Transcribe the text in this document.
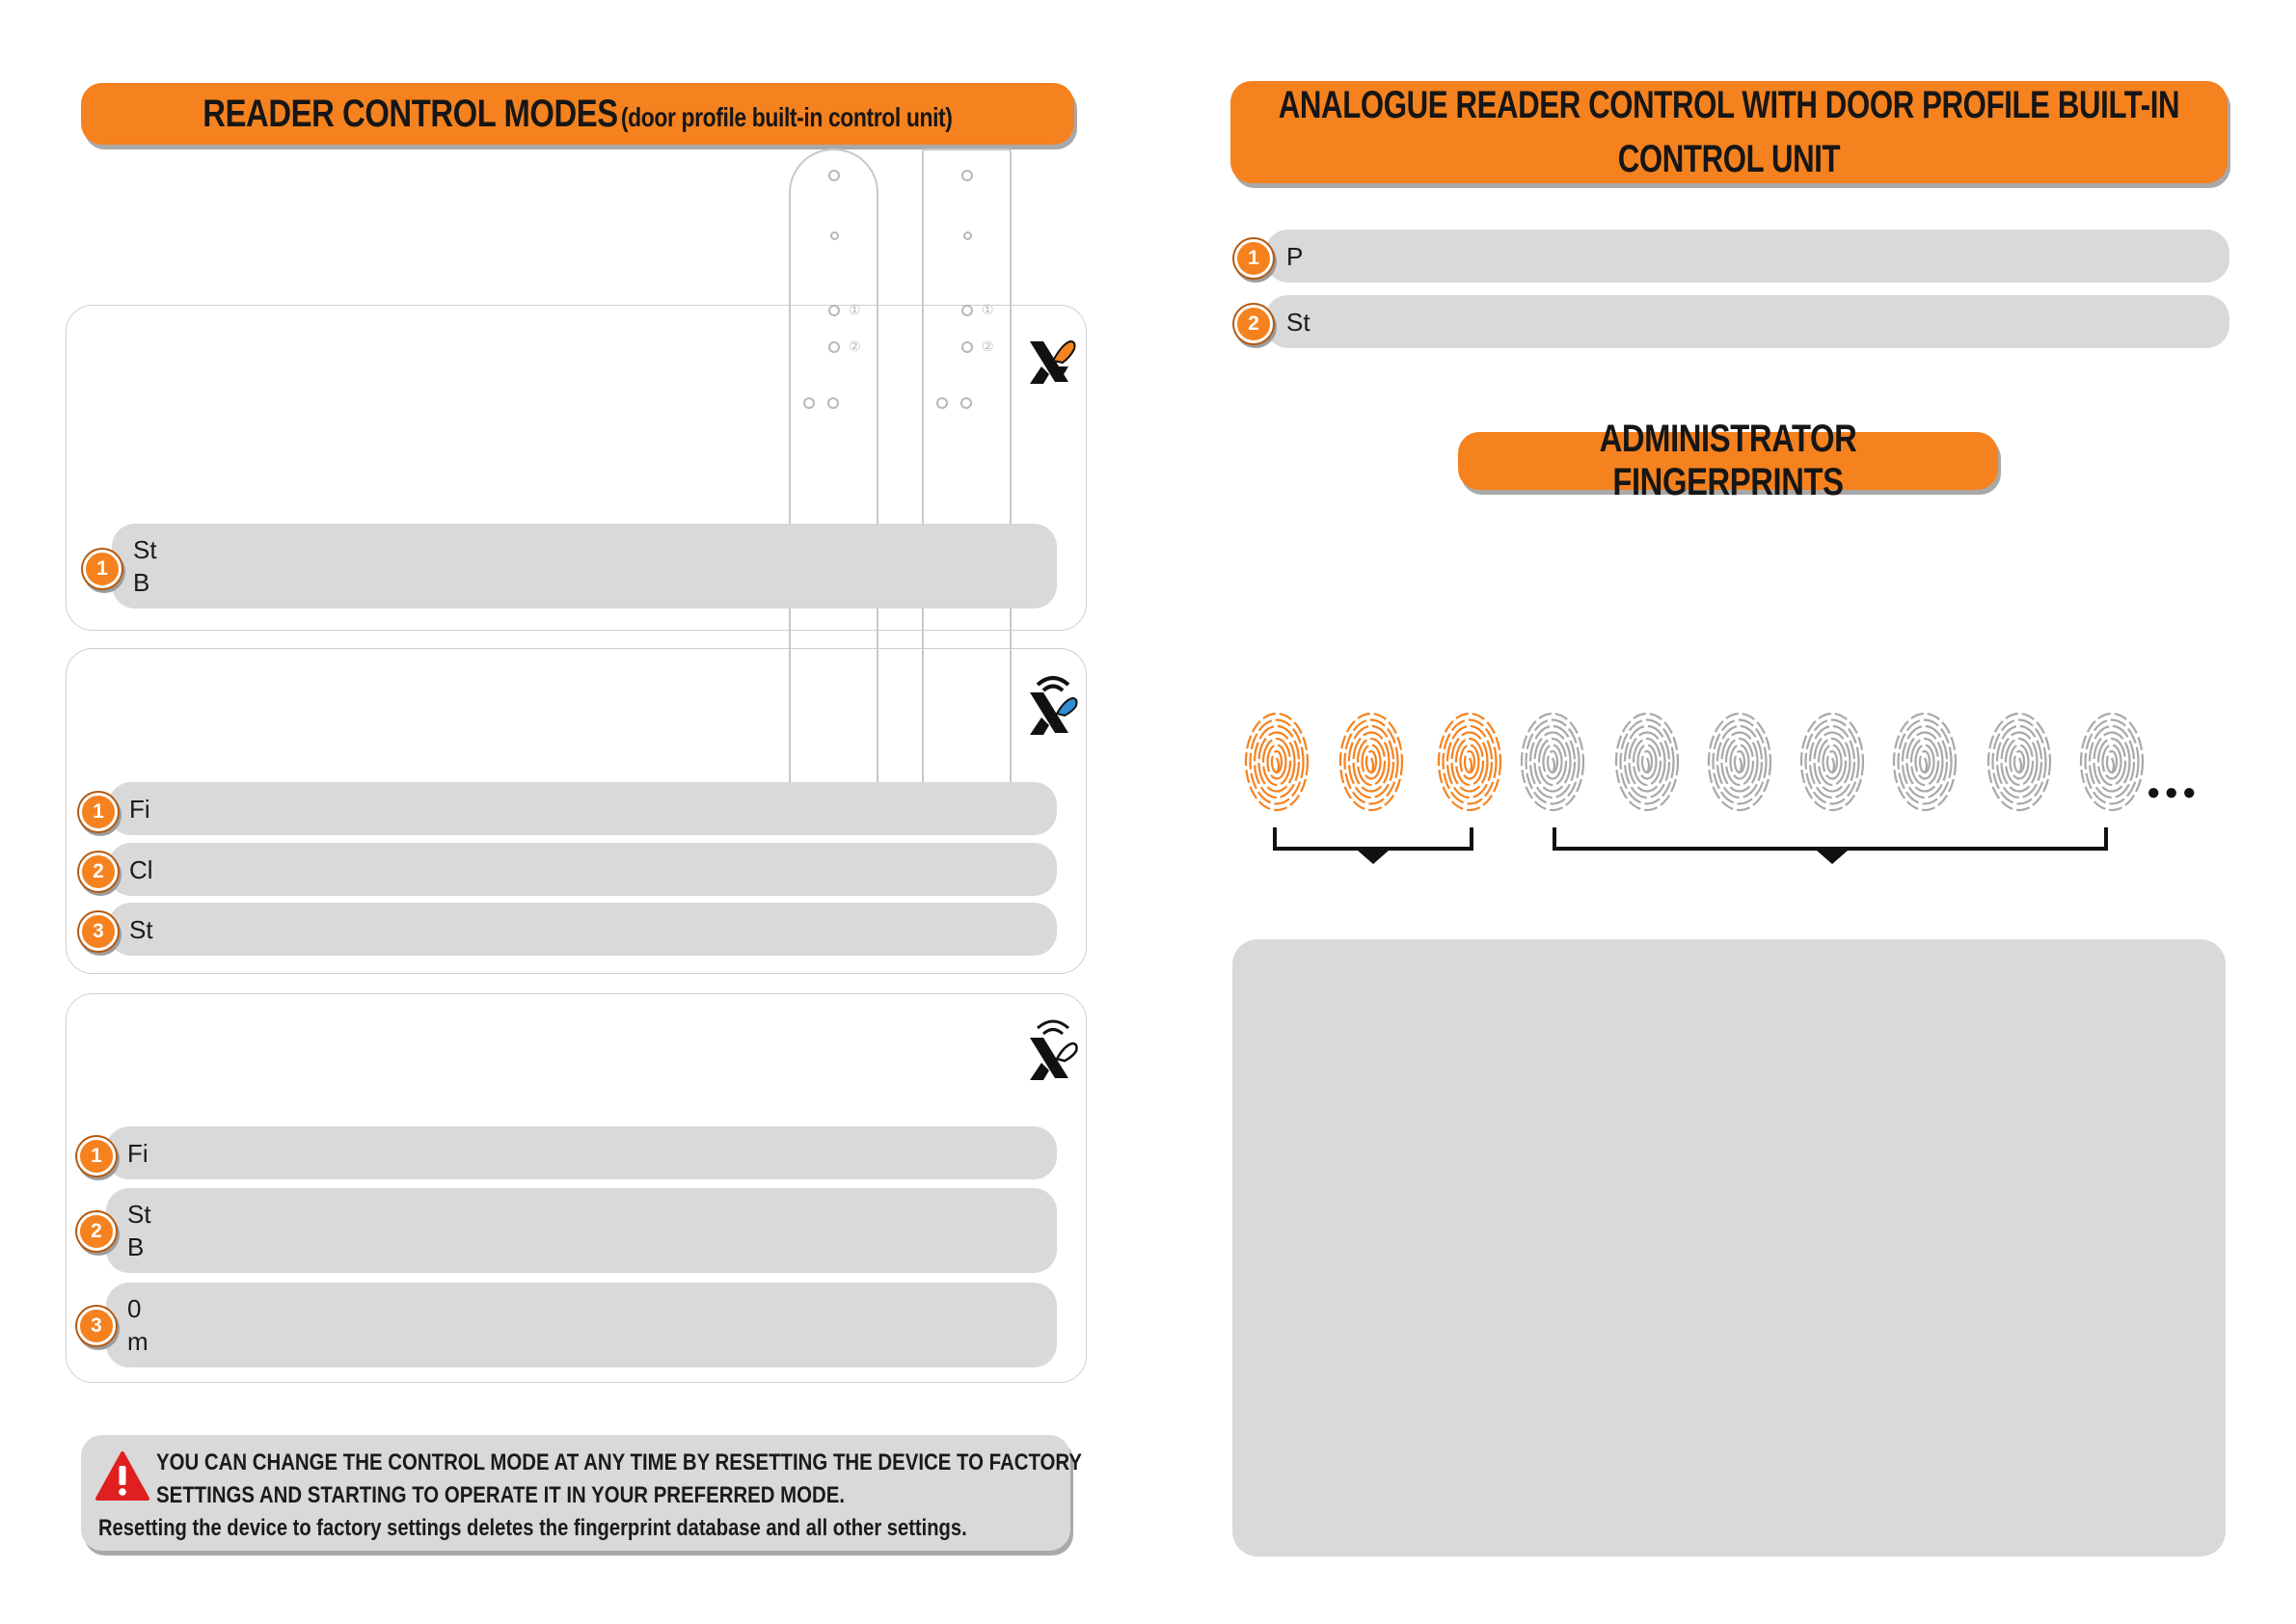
READER CONTROL MODES (door profile built-in control unit)
①
②
①
②
St
B
1
Fi
1
Cl
2
St
3
Fi
1
St
B
2
0
m
3
YOU CAN CHANGE THE CONTROL MODE AT ANY TIME BY RESETTING THE DEVICE TO FACTORY
SETTINGS AND STARTING TO OPERATE IT IN YOUR PREFERRED MODE.
Resetting the device to factory settings deletes the fingerprint database and all other settings.
ANALOGUE READER CONTROL WITH DOOR PROFILE BUILT-IN
CONTROL UNIT
P
1
St
2
ADMINISTRATOR FINGERPRINTS
●●●
